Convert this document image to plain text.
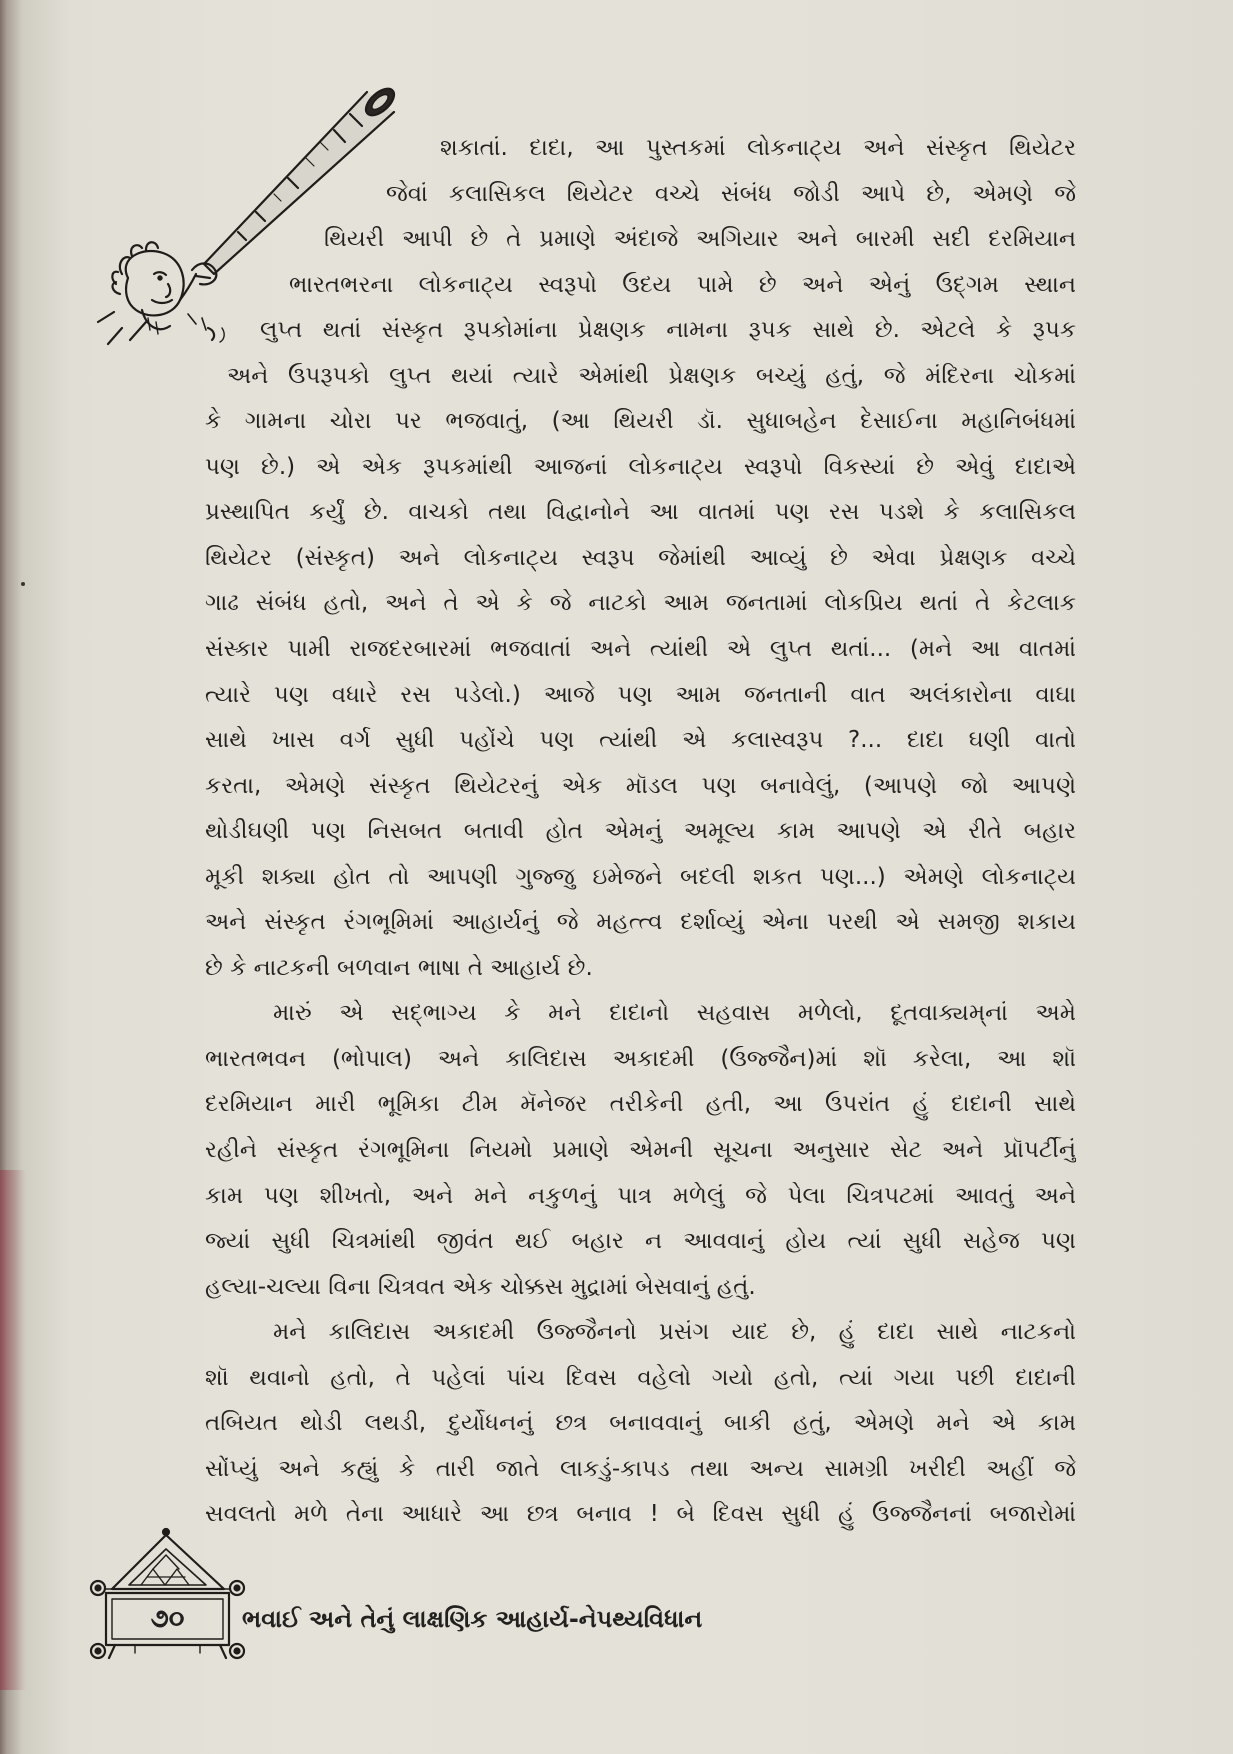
શકાતાં. દાદા, આ પુસ્તકમાં લોકનાટ્ય અને સંસ્કૃત થિયેટર
જેવાં કલાસિકલ થિયેટર વચ્ચે સંબંધ જોડી આપે છે, એમણે જે
થિયરી આપી છે તે પ્રમાણે અંદાજે અગિયાર અને બારમી સદી દરમિયાન
ભારતભરના લોકનાટ્ય સ્વરૂપો ઉદય પામે છે અને એનું ઉદ્‌ગમ સ્થાન
લુપ્ત થતાં સંસ્કૃત રૂપકોમાંના પ્રેક્ષણક નામના રૂપક સાથે છે. એટલે કે રૂપક
અને ઉપરૂપકો લુપ્ત થયાં ત્યારે એમાંથી પ્રેક્ષણક બચ્યું હતું, જે મંદિરના ચોકમાં
કે ગામના ચોરા પર ભજવાતું, (આ થિયરી ડૉ. સુધાબહેન દેસાઈના મહાનિબંધમાં
પણ છે.) એ એક રૂપકમાંથી આજનાં લોકનાટ્ય સ્વરૂપો વિકસ્યાં છે એવું દાદાએ
પ્રસ્થાપિત કર્યું છે. વાચકો તથા વિદ્વાનોને આ વાતમાં પણ રસ પડશે કે કલાસિકલ
થિયેટર (સંસ્કૃત) અને લોકનાટ્ય સ્વરૂપ જેમાંથી આવ્યું છે એવા પ્રેક્ષણક વચ્ચે
ગાઢ સંબંધ હતો, અને તે એ કે જે નાટકો આમ જનતામાં લોકપ્રિય થતાં તે કેટલાક
સંસ્કાર પામી રાજદરબારમાં ભજવાતાં અને ત્યાંથી એ લુપ્ત થતાં... (મને આ વાતમાં
ત્યારે પણ વધારે રસ પડેલો.) આજે પણ આમ જનતાની વાત અલંકારોના વાઘા
સાથે ખાસ વર્ગ સુધી પહોંચે પણ ત્યાંથી એ કલાસ્વરૂપ ?... દાદા ઘણી વાતો
કરતા, એમણે સંસ્કૃત થિયેટરનું એક મૉડલ પણ બનાવેલું, (આપણે જો આપણે
થોડીઘણી પણ નિસબત બતાવી હોત એમનું અમૂલ્ય કામ આપણે એ રીતે બહાર
મૂકી શક્યા હોત તો આપણી ગુજ્જુ ઇમેજને બદલી શકત પણ...) એમણે લોકનાટ્ય
અને સંસ્કૃત રંગભૂમિમાં આહાર્યનું જે મહત્ત્વ દર્શાવ્યું એના પરથી એ સમજી શકાય
છે કે નાટકની બળવાન ભાષા તે આહાર્ય છે.
મારું એ સદ્‌ભાગ્ય કે મને દાદાનો સહવાસ મળેલો, દૂતવાક્યમ્‌નાં અમે
ભારતભવન (ભોપાલ) અને કાલિદાસ અકાદમી (ઉજ્જૈન)માં શૉ કરેલા, આ શૉ
દરમિયાન મારી ભૂમિકા ટીમ મૅનેજર તરીકેની હતી, આ ઉપરાંત હું દાદાની સાથે
રહીને સંસ્કૃત રંગભૂમિના નિયમો પ્રમાણે એમની સૂચના અનુસાર સેટ અને પ્રૉપર્ટીનું
કામ પણ શીખતો, અને મને નકુળનું પાત્ર મળેલું જે પેલા ચિત્રપટમાં આવતું અને
જ્યાં સુધી ચિત્રમાંથી જીવંત થઈ બહાર ન આવવાનું હોય ત્યાં સુધી સહેજ પણ
હલ્યા-ચલ્યા વિના ચિત્રવત એક ચોક્કસ મુદ્રામાં બેસવાનું હતું.
મને કાલિદાસ અકાદમી ઉજ્જૈનનો પ્રસંગ યાદ છે, હું દાદા સાથે નાટકનો
શૉ થવાનો હતો, તે પહેલાં પાંચ દિવસ વહેલો ગયો હતો, ત્યાં ગયા પછી દાદાની
તબિયત થોડી લથડી, દુર્યોધનનું છત્ર બનાવવાનું બાકી હતું, એમણે મને એ કામ
સોંપ્યું અને કહ્યું કે તારી જાતે લાકડું-કાપડ તથા અન્ય સામગ્રી ખરીદી અહીં જે
સવલતો મળે તેના આધારે આ છત્ર બનાવ ! બે દિવસ સુધી હું ઉજ્જૈનનાં બજારોમાં
૭૦	ભવાઈ અને તેનું લાક્ષણિક આહાર્ય-નેપથ્યવિધાન
